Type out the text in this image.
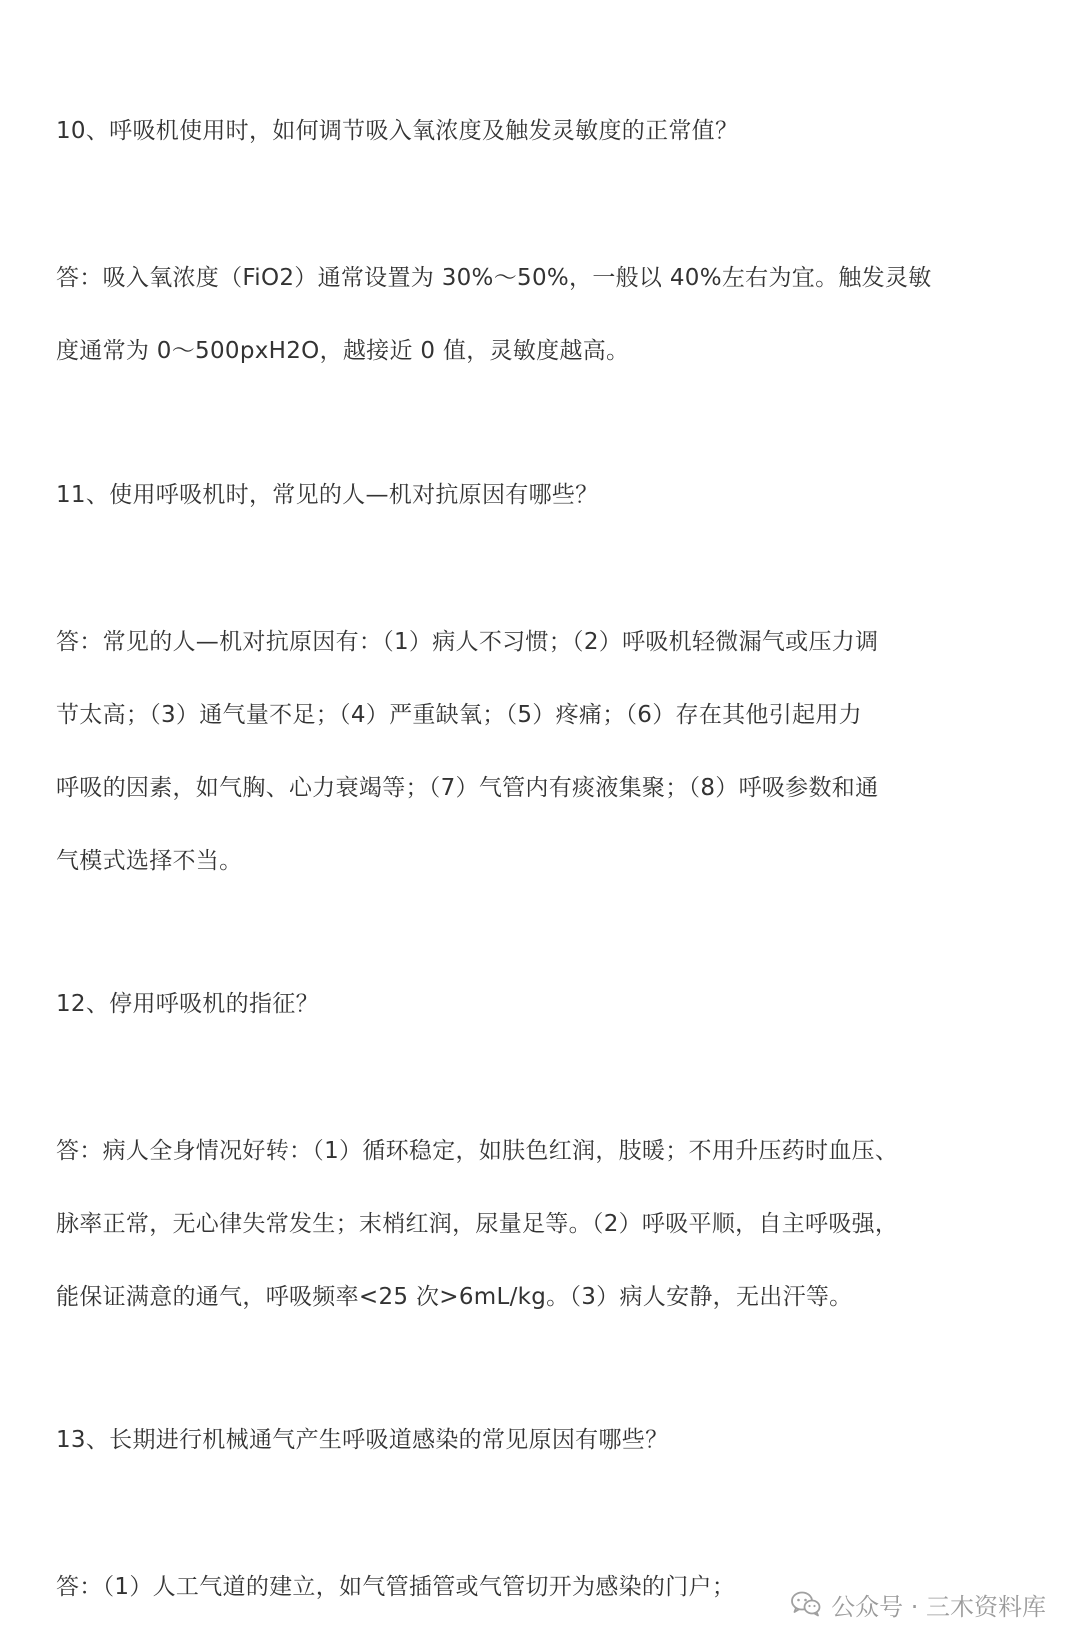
10、呼吸机使用时，如何调节吸入氧浓度及触发灵敏度的正常值？

答：吸入氧浓度（FiO2）通常设置为 30%～50%，一般以 40%左右为宜。触发灵敏
度通常为 0～500pxH2O，越接近 0 值，灵敏度越高。

11、使用呼吸机时，常见的人—机对抗原因有哪些？

答：常见的人—机对抗原因有：（1）病人不习惯；（2）呼吸机轻微漏气或压力调
节太高；（3）通气量不足；（4）严重缺氧；（5）疼痛；（6）存在其他引起用力
呼吸的因素，如气胸、心力衰竭等；（7）气管内有痰液集聚；（8）呼吸参数和通
气模式选择不当。

12、停用呼吸机的指征？

答：病人全身情况好转：（1）循环稳定，如肤色红润，肢暖；不用升压药时血压、
脉率正常，无心律失常发生；末梢红润，尿量足等。（2）呼吸平顺，自主呼吸强，
能保证满意的通气，呼吸频率<25 次>6mL/kg。（3）病人安静，无出汗等。

13、长期进行机械通气产生呼吸道感染的常见原因有哪些？

答：（1）人工气道的建立，如气管插管或气管切开为感染的门户；

公众号 · 三木资料库
